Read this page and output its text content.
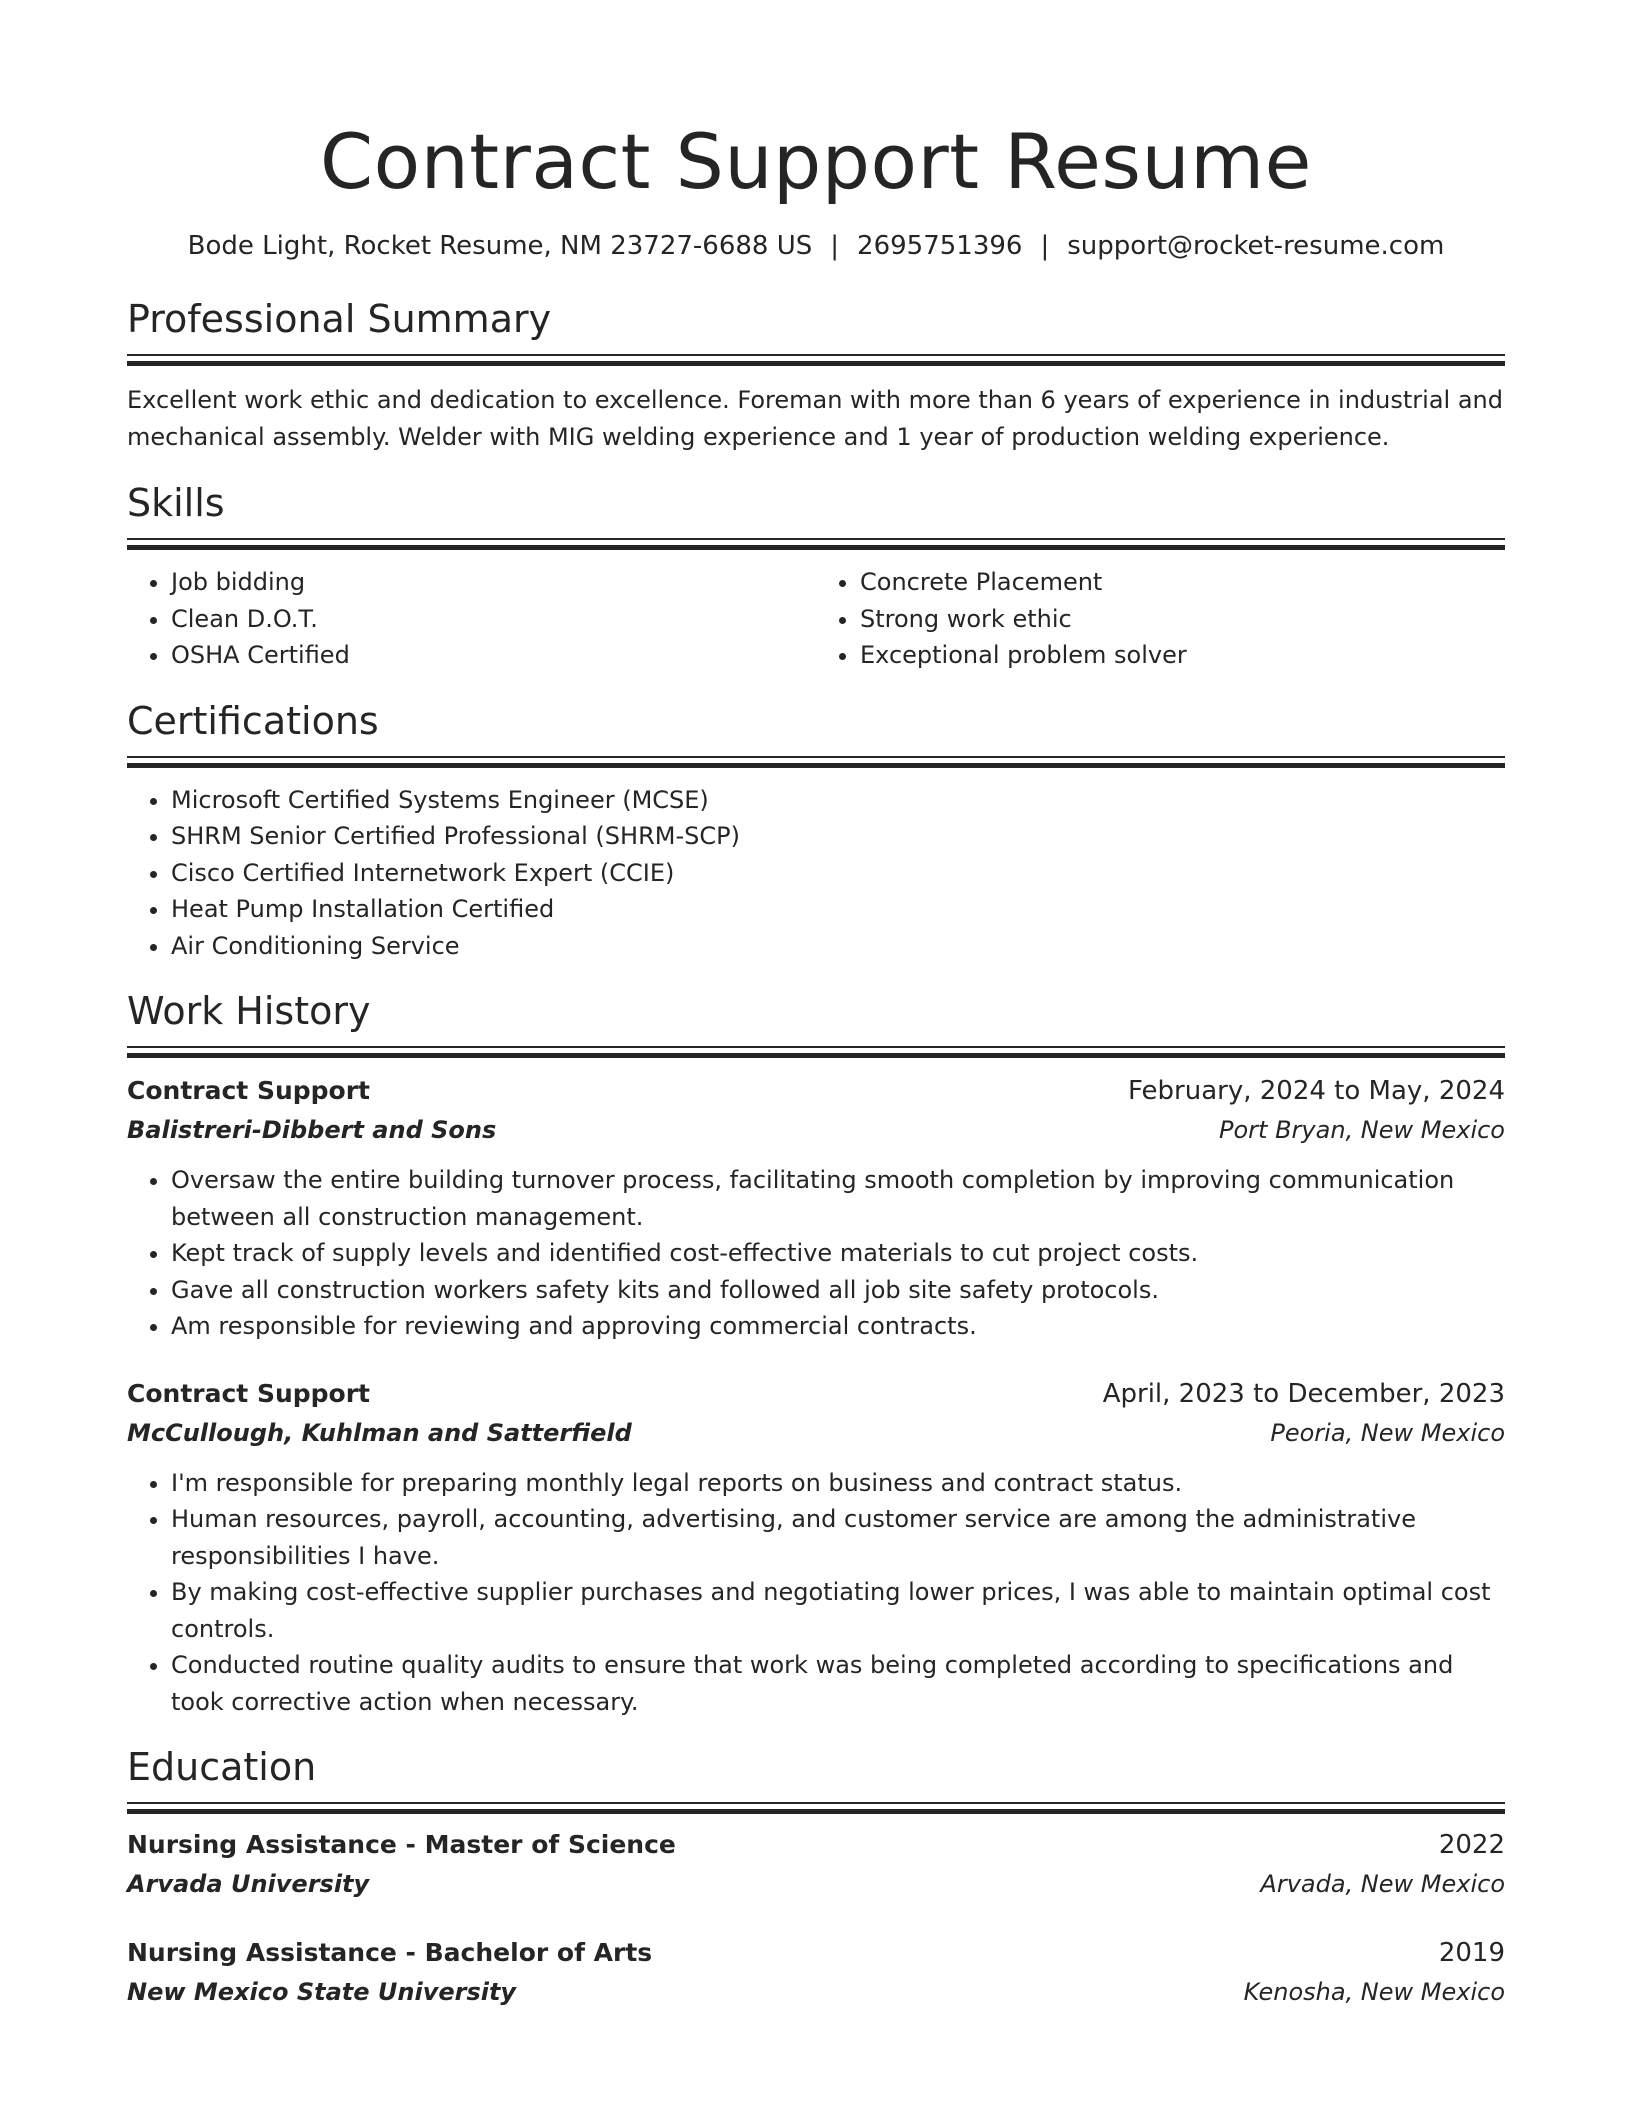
Contract Support Resume
Bode Light, Rocket Resume, NM 23727-6688 US | 2695751396 | support@rocket-resume.com
Professional Summary
Excellent work ethic and dedication to excellence. Foreman with more than 6 years of experience in industrial and mechanical assembly. Welder with MIG welding experience and 1 year of production welding experience.
Skills
• Job bidding
• Clean D.O.T.
• OSHA Certified
• Concrete Placement
• Strong work ethic
• Exceptional problem solver
Certifications
• Microsoft Certified Systems Engineer (MCSE)
• SHRM Senior Certified Professional (SHRM-SCP)
• Cisco Certified Internetwork Expert (CCIE)
• Heat Pump Installation Certified
• Air Conditioning Service
Work History
Contract Support	February, 2024 to May, 2024
Balistreri-Dibbert and Sons	Port Bryan, New Mexico
• Oversaw the entire building turnover process, facilitating smooth completion by improving communication between all construction management.
• Kept track of supply levels and identified cost-effective materials to cut project costs.
• Gave all construction workers safety kits and followed all job site safety protocols.
• Am responsible for reviewing and approving commercial contracts.
Contract Support	April, 2023 to December, 2023
McCullough, Kuhlman and Satterfield	Peoria, New Mexico
• I'm responsible for preparing monthly legal reports on business and contract status.
• Human resources, payroll, accounting, advertising, and customer service are among the administrative responsibilities I have.
• By making cost-effective supplier purchases and negotiating lower prices, I was able to maintain optimal cost controls.
• Conducted routine quality audits to ensure that work was being completed according to specifications and took corrective action when necessary.
Education
Nursing Assistance - Master of Science	2022
Arvada University	Arvada, New Mexico
Nursing Assistance - Bachelor of Arts	2019
New Mexico State University	Kenosha, New Mexico
